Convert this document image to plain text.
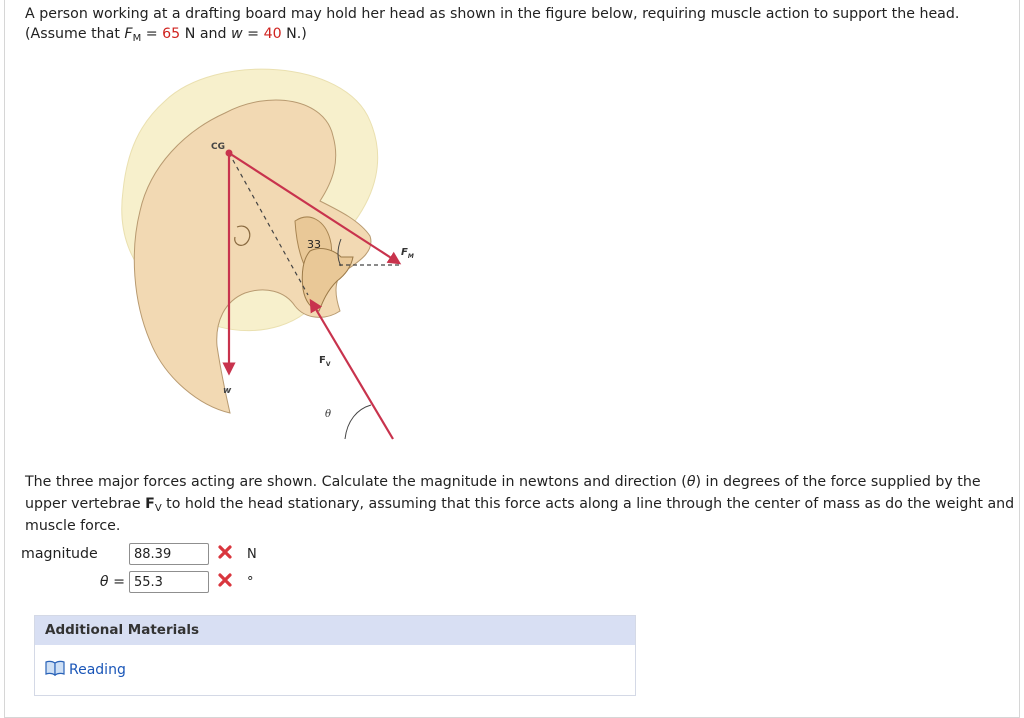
A person working at a drafting board may hold her head as shown in the figure below, requiring muscle action to support the head.
(Assume that $F_M = 65$ N and w = 40 N.)
CG
33
$F_M$
$F_V$
w
θ
The three major forces acting are shown. Calculate the magnitude in newtons and direction (θ) in degrees of the force supplied by the upper vertebrae $F_V$ to hold the head stationary, assuming that this force acts along a line through the center of mass as do the weight and muscle force.
magnitude
88.39	N
θ =
55.3	°
Additional Materials
Reading
